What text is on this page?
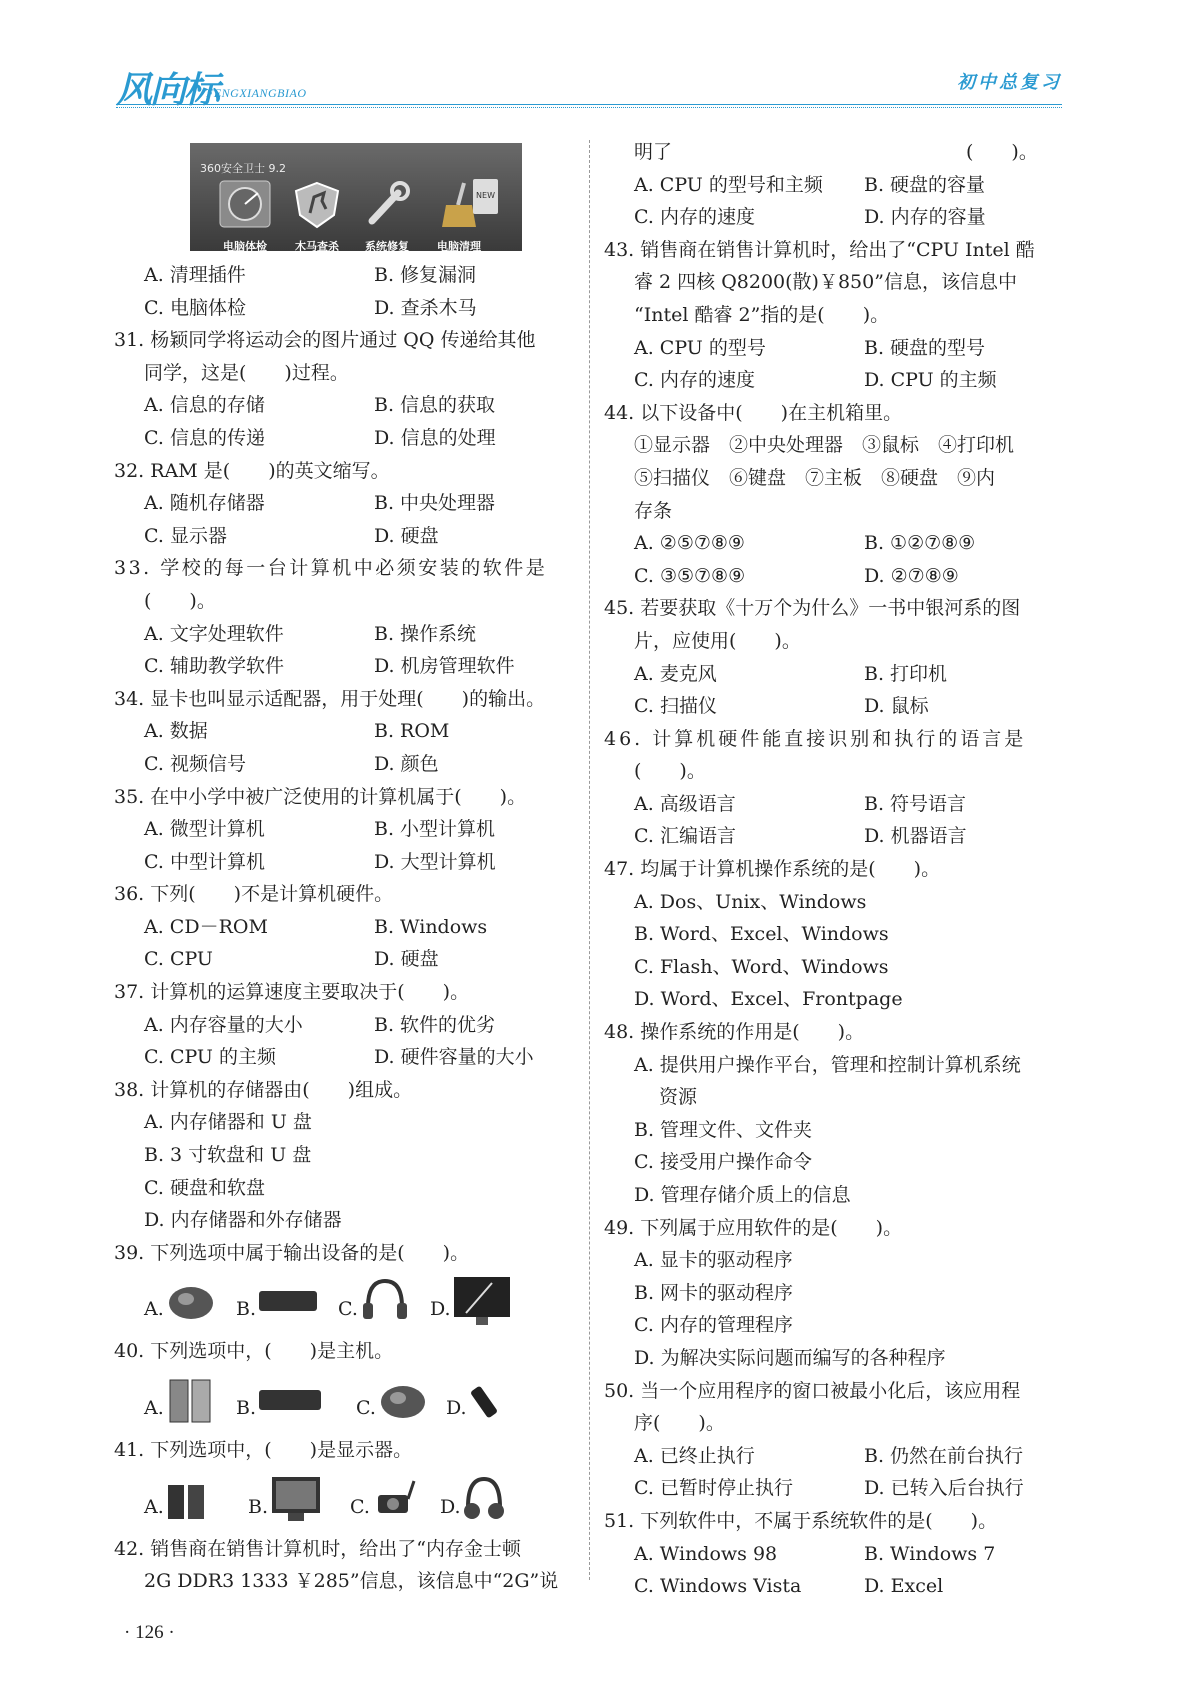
风向标
FENGXIANGBIAO	初中总复习
360安全卫士 9.2
电脑体检	木马查杀	系统修复	电脑清理
NEW
A. 清理插件	B. 修复漏洞
C. 电脑体检	D. 查杀木马
31. 杨颖同学将运动会的图片通过 QQ 传递给其他
同学，这是(　　)过程。
A. 信息的存储	B. 信息的获取
C. 信息的传递	D. 信息的处理
32. RAM 是(　　)的英文缩写。
A. 随机存储器	B. 中央处理器
C. 显示器	D. 硬盘
33. 学校的每一台计算机中必须安装的软件是
(　　)。
A. 文字处理软件	B. 操作系统
C. 辅助教学软件	D. 机房管理软件
34. 显卡也叫显示适配器，用于处理(　　)的输出。
A. 数据	B. ROM
C. 视频信号	D. 颜色
35. 在中小学中被广泛使用的计算机属于(　　)。
A. 微型计算机	B. 小型计算机
C. 中型计算机	D. 大型计算机
36. 下列(　　)不是计算机硬件。
A. CD－ROM	B. Windows
C. CPU	D. 硬盘
37. 计算机的运算速度主要取决于(　　)。
A. 内存容量的大小	B. 软件的优劣
C. CPU 的主频	D. 硬件容量的大小
38. 计算机的存储器由(　　)组成。
A. 内存储器和 U 盘
B. 3 寸软盘和 U 盘
C. 硬盘和软盘
D. 内存储器和外存储器
39. 下列选项中属于输出设备的是(　　)。
A.	B.	C.	D.
40. 下列选项中，(　　)是主机。
A.	B.	C.	D.
41. 下列选项中，(　　)是显示器。
A.	B.	C.	D.
42. 销售商在销售计算机时，给出了“内存金士顿
2G DDR3 1333 ￥285”信息，该信息中“2G”说
明了	(　　)。
A. CPU 的型号和主频 B. 硬盘的容量
C. 内存的速度	D. 内存的容量
43. 销售商在销售计算机时，给出了“CPU Intel 酷
睿 2 四核 Q8200(散)￥850”信息，该信息中
“Intel 酷睿 2”指的是(　　)。
A. CPU 的型号	B. 硬盘的型号
C. 内存的速度	D. CPU 的主频
44. 以下设备中(　　)在主机箱里。
①显示器　②中央处理器　③鼠标　④打印机
⑤扫描仪　⑥键盘　⑦主板　⑧硬盘　⑨内
存条
A. ②⑤⑦⑧⑨	B. ①②⑦⑧⑨
C. ③⑤⑦⑧⑨	D. ②⑦⑧⑨
45. 若要获取《十万个为什么》一书中银河系的图
片，应使用(　　)。
A. 麦克风	B. 打印机
C. 扫描仪	D. 鼠标
46. 计算机硬件能直接识别和执行的语言是
(　　)。
A. 高级语言	B. 符号语言
C. 汇编语言	D. 机器语言
47. 均属于计算机操作系统的是(　　)。
A. Dos、Unix、Windows
B. Word、Excel、Windows
C. Flash、Word、Windows
D. Word、Excel、Frontpage
48. 操作系统的作用是(　　)。
A. 提供用户操作平台，管理和控制计算机系统
资源
B. 管理文件、文件夹
C. 接受用户操作命令
D. 管理存储介质上的信息
49. 下列属于应用软件的是(　　)。
A. 显卡的驱动程序
B. 网卡的驱动程序
C. 内存的管理程序
D. 为解决实际问题而编写的各种程序
50. 当一个应用程序的窗口被最小化后，该应用程
序(　　)。
A. 已终止执行	B. 仍然在前台执行
C. 已暂时停止执行	D. 已转入后台执行
51. 下列软件中，不属于系统软件的是(　　)。
A. Windows 98	B. Windows 7
C. Windows Vista	D. Excel
· 126 ·
